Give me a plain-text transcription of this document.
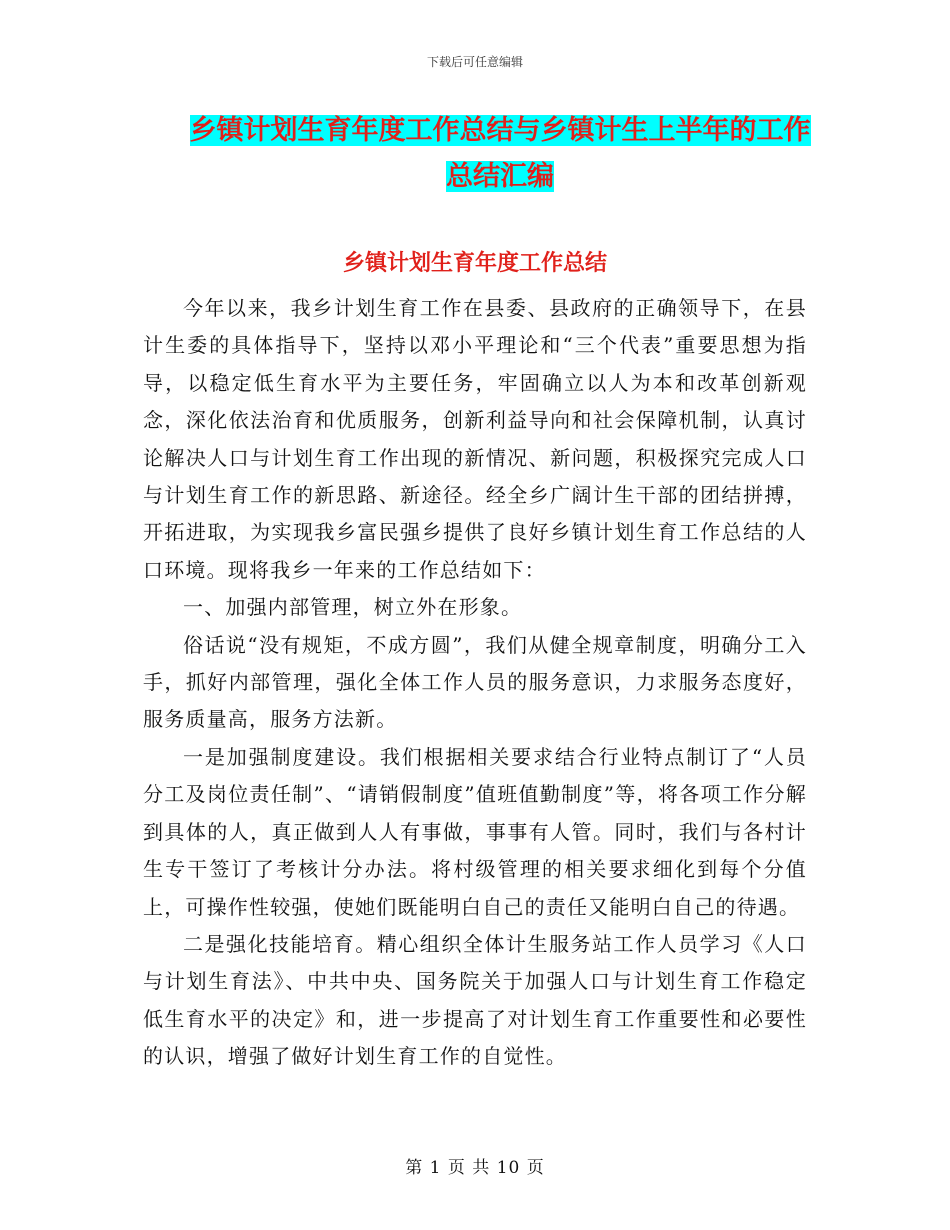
下载后可任意编辑
乡镇计划生育年度工作总结与乡镇计生上半年的工作
总结汇编
乡镇计划生育年度工作总结

今年以来，我乡计划生育工作在县委、县政府的正确领导下，在县计生委的具体指导下，坚持以邓小平理论和“三个代表”重要思想为指导，以稳定低生育水平为主要任务，牢固确立以人为本和改革创新观念，深化依法治育和优质服务，创新利益导向和社会保障机制，认真讨论解决人口与计划生育工作出现的新情况、新问题，积极探究完成人口与计划生育工作的新思路、新途径。经全乡广阔计生干部的团结拼搏，开拓进取，为实现我乡富民强乡提供了良好乡镇计划生育工作总结的人口环境。现将我乡一年来的工作总结如下：

一、加强内部管理，树立外在形象。

俗话说“没有规矩，不成方圆”，我们从健全规章制度，明确分工入手，抓好内部管理，强化全体工作人员的服务意识，力求服务态度好，服务质量高，服务方法新。

一是加强制度建设。我们根据相关要求结合行业特点制订了“人员分工及岗位责任制”、“请销假制度”值班值勤制度”等，将各项工作分解到具体的人，真正做到人人有事做，事事有人管。同时，我们与各村计生专干签订了考核计分办法。将村级管理的相关要求细化到每个分值上，可操作性较强，使她们既能明白自己的责任又能明白自己的待遇。

二是强化技能培育。精心组织全体计生服务站工作人员学习《人口与计划生育法》、中共中央、国务院关于加强人口与计划生育工作稳定低生育水平的决定》和，进一步提高了对计划生育工作重要性和必要性的认识，增强了做好计划生育工作的自觉性。

第 1 页 共 10 页
